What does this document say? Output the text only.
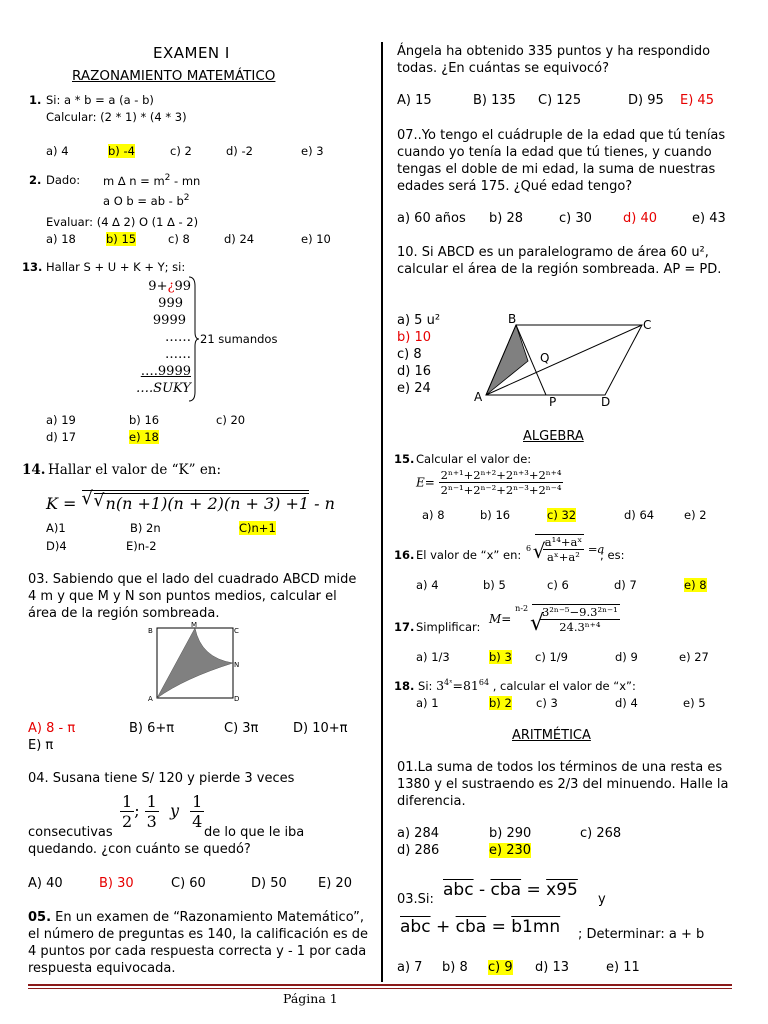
EXAMEN I
RAZONAMIENTO MATEMÁTICO
1. Si: a * b = a (a - b)
Calcular: (2 * 1) * (4 * 3)
a) 4	b) -4	c) 2	d) -2	e) 3
2. Dado: m ∆ $n = m^2$ - mn
a O b = ab - $b^2$
Evaluar: (4 ∆ 2) O (1 ∆ - 2)
a) 18	b) 15	c) 8	d) 24	e) 10
13. Hallar S + U + K + Y; si:
9+¿99
999
9999
……
……
….9999
….SUKY
21 sumandos
a) 19	b) 16	c) 20
d) 17	e) 18
14. Hallar el valor de “K” en:
K = √ √ n(n +1)(n + 2)(n + 3) +1 - n
A)1	B) 2n	C)n+1
D)4	E)n-2
03. Sabiendo que el lado del cuadrado ABCD mide 4 m y que M y N son puntos medios, calcular el área de la región sombreada.
B
M
C
N
A	D
A) 8 - π	B) 6+π	C) 3π	D) 10+π
E) π
04. Susana tiene S/ 120 y pierde 3 veces
$\frac{1}{2}$ ; $\frac{1}{3}$ y $\frac{1}{4}$
consecutivas	de lo que le iba
quedando. ¿con cuánto se quedó?
A) 40	B) 30	C) 60	D) 50 E) 20
05. En un examen de “Razonamiento Matemático”, el número de preguntas es 140, la calificación es de 4 puntos por cada respuesta correcta y - 1 por cada respuesta equivocada.
Ángela ha obtenido 335 puntos y ha respondido todas. ¿En cuántas se equivocó?
A) 15	B) 135 C) 125	D) 95 E) 45
07..Yo tengo el cuádruple de la edad que tú tenías cuando yo tenía la edad que tú tienes, y cuando tengas el doble de mi edad, la suma de nuestras edades será 175. ¿Qué edad tengo?
a) 60 años b) 28	c) 30 d) 40	e) 43
10. Si ABCD es un paralelogramo de área 60 u², calcular el área de la región sombreada. AP = PD.
a) 5 u²
b) 10
c) 8
d) 16
e) 24
B	C
Q
A	P	D
ALGEBRA
15. Calcular el valor de:
$E= \frac{\text{2ⁿ⁺¹+2ⁿ⁺²+2ⁿ⁺³+2ⁿ⁺⁴}}{\text{2ⁿ⁻¹+2ⁿ⁻²+2ⁿ⁻³+2ⁿ⁻⁴}}$
a) 8	b) 16	c) 32	d) 64	e) 2
16. El valor de “x” en: $^6$ √
$\frac{\text{a¹⁴+aˣ}}{\text{aˣ+a²}} =a$
; es:
a) 4	b) 5	c) 6	d) 7	e) 8
17. Simplificar:
M= $^{n-2}$
√
$\frac{\text{3²ⁿ⁻⁵−9.3²ⁿ⁻¹}}{\text{24.3ⁿ⁺⁴}}$
a) 1/3	b) 3 c) 1/9	d) 9	e) 27
18. Si: $3^{4ˣ}=81^{64}$ , calcular el valor de “x”:
a) 1	b) 2 c) 3	d) 4	e) 5
ARITMÉTICA
01.La suma de todos los términos de una resta es 1380 y el sustraendo es 2/3 del minuendo. Halle la diferencia.
a) 284	b) 290	c) 268
d) 286	e) 230
03.Si: $\overline{abc} - \overline{cba} = x95$ y
$\overline{abc} + \overline{cba} = b1mn$ ; Determinar: a + b
a) 7 b) 8 c) 9 d) 13	e) 11
Página 1
